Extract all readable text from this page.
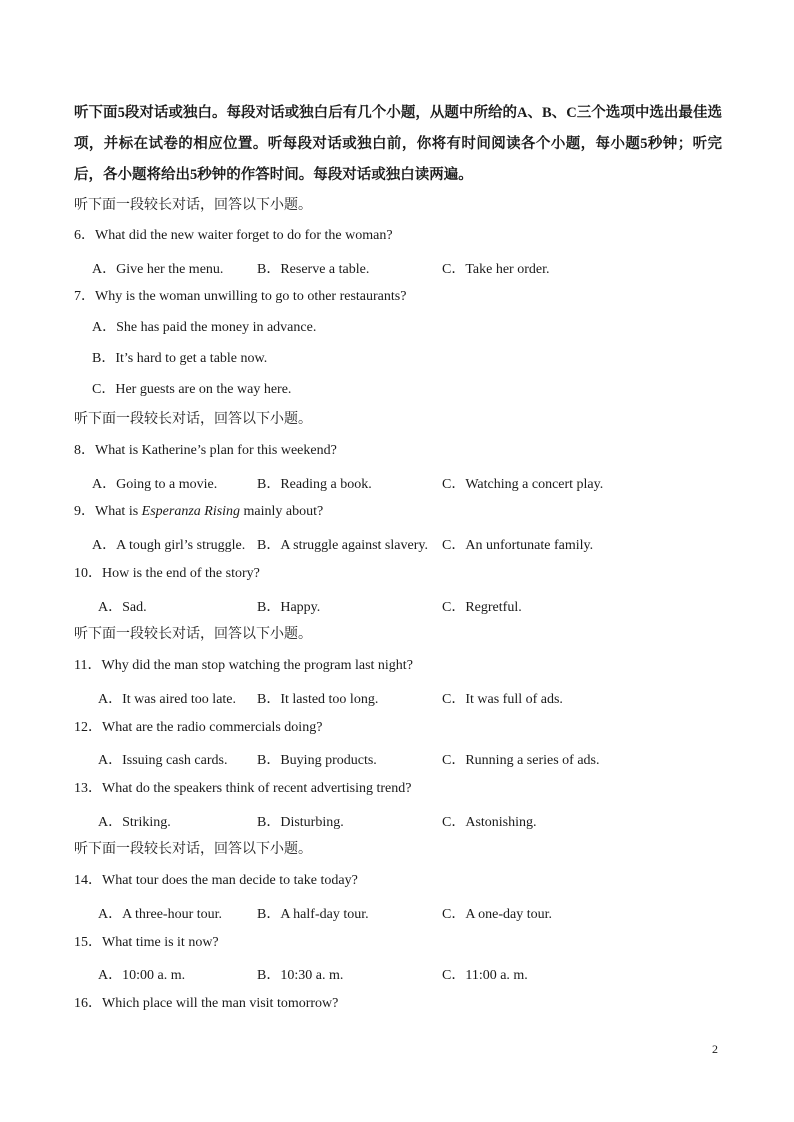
听下面5段对话或独白。每段对话或独白后有几个小题，从题中所给的A、B、C三个选项中选出最佳选项，并标在试卷的相应位置。听每段对话或独白前，你将有时间阅读各个小题，每小题5秒钟；听完后，各小题将给出5秒钟的作答时间。每段对话或独白读两遍。

听下面一段较长对话，回答以下小题。
6．What did the new waiter forget to do for the woman?
A．Give her the menu. B．Reserve a table.	C．Take her order.
7．Why is the woman unwilling to go to other restaurants?
A．She has paid the money in advance.
B．It’s hard to get a table now.
C．Her guests are on the way here.
听下面一段较长对话，回答以下小题。
8．What is Katherine’s plan for this weekend?
A．Going to a movie.	B．Reading a book.	C．Watching a concert play.
9．What is Esperanza Rising mainly about?
A．A tough girl’s struggle. B．A struggle against slavery. C．An unfortunate family.
10．How is the end of the story?
A．Sad.	B．Happy.	C．Regretful.
听下面一段较长对话，回答以下小题。
11．Why did the man stop watching the program last night?
A．It was aired too late. B．It lasted too long.	C．It was full of ads.
12．What are the radio commercials doing?
A．Issuing cash cards. B．Buying products.	C．Running a series of ads.
13．What do the speakers think of recent advertising trend?
A．Striking.	B．Disturbing.	C．Astonishing.
听下面一段较长对话，回答以下小题。
14．What tour does the man decide to take today?
A．A three-hour tour. B．A half-day tour.	C．A one-day tour.
15．What time is it now?
A．10:00 a. m.	B．10:30 a. m.	C．11:00 a. m.
16．Which place will the man visit tomorrow?
2
